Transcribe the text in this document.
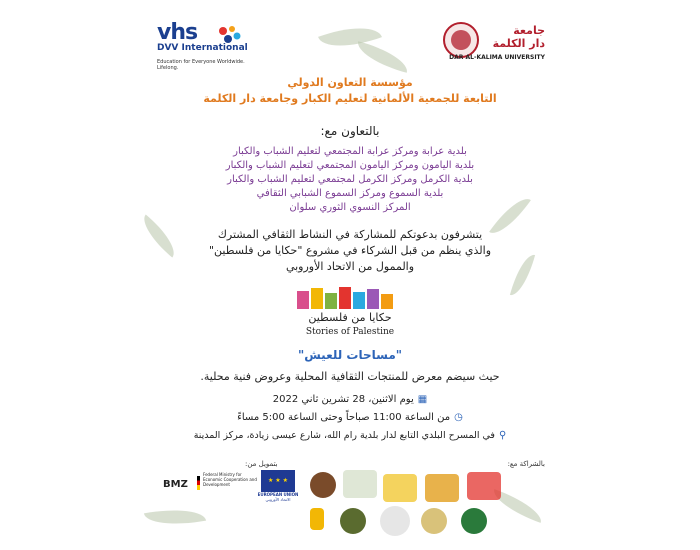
vhs
DVV International
Education for Everyone Worldwide. Lifelong.
جامعة
دار الكلمة
DAR AL-KALIMA UNIVERSITY
مؤسسة التعاون الدولي
التابعة للجمعية الألمانية لتعليم الكبار وجامعة دار الكلمة
بالتعاون مع:
بلدية عرابة ومركز عرابة المجتمعي لتعليم الشباب والكبار
بلدية اليامون ومركز اليامون المجتمعي لتعليم الشباب والكبار
بلدية الكرمل ومركز الكرمل لمجتمعي لتعليم الشباب والكبار
بلدية السموع ومركز السموع الشبابي الثقافي
المركز النسوي الثوري سلوان
يتشرفون بدعوتكم للمشاركة في النشاط الثقافي المشترك
والذي ينظم من قبل الشركاء في مشروع "حكايا من فلسطين"
والممول من الاتحاد الأوروبي
حكايا من فلسطين
Stories of Palestine
"مساحات للعيش"
حيث سيضم معرض للمنتجات الثقافية المحلية وعروض فنية محلية.
▦يوم الاثنين، 28 تشرين ثاني 2022
◷من الساعة 11:00 صباحاً وحتى الساعة 5:00 مساءً
⚲في المسرح البلدي التابع لدار بلدية رام الله، شارع عيسى زيادة، مركز المدينة
بتمويل من:	بالشراكة مع:
BMZ
Federal Ministry for Economic Cooperation and Development
★ ★ ★
EUROPEAN UNION
الاتحاد الأوروبي
